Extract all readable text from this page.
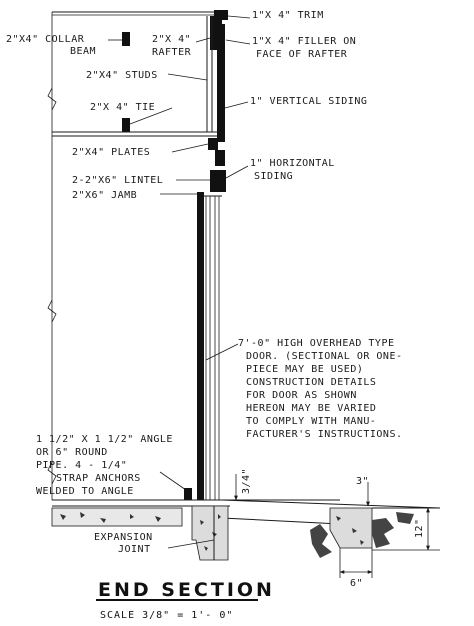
2"X4" COLLAR
BEAM
2"X 4"
RAFTER
2"X4" STUDS
2"X 4" TIE
2"X4" PLATES
2-2"X6" LINTEL
2"X6" JAMB
1"X 4" TRIM
1"X 4" FILLER ON
FACE OF RAFTER
1" VERTICAL SIDING
1" HORIZONTAL
SIDING
7'-0" HIGH OVERHEAD TYPE
DOOR. (SECTIONAL OR ONE-
PIECE MAY BE USED)
CONSTRUCTION DETAILS
FOR DOOR AS SHOWN
HEREON MAY BE VARIED
TO COMPLY WITH MANU-
FACTURER'S INSTRUCTIONS.
1 1/2" X 1 1/2" ANGLE
OR 6" ROUND
PIPE. 4 - 1/4"
STRAP ANCHORS
WELDED TO ANGLE
EXPANSION
JOINT
3/4"	3"
12"
6"
END SECTION
SCALE 3/8" = 1'- 0"
